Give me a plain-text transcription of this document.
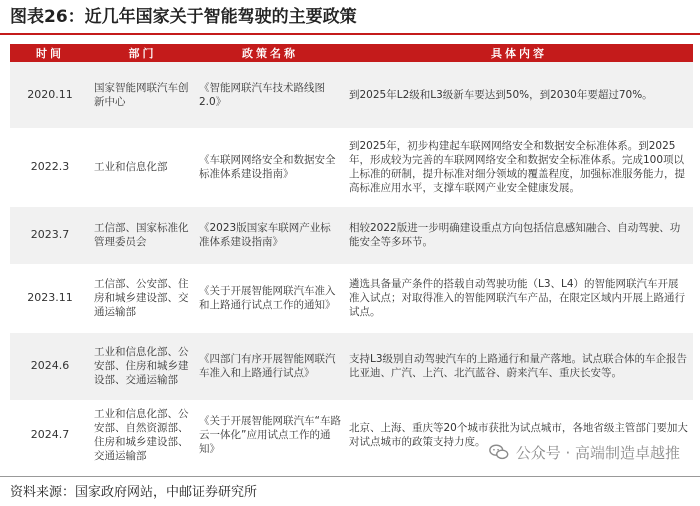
图表26：近几年国家关于智能驾驶的主要政策
时间	部门	政策名称	具体内容
2020.11	国家智能网联汽车创新中心	《智能网联汽车技术路线图2.0》	到2025年L2级和L3级新车要达到50%，到2030年要超过70%。
2022.3	工业和信息化部	《车联网网络安全和数据安全标准体系建设指南》	到2025年，初步构建起车联网网络安全和数据安全标准体系。到2025年，形成较为完善的车联网网络安全和数据安全标准体系。完成100项以上标准的研制，提升标准对细分领域的覆盖程度，加强标准服务能力，提高标准应用水平，支撑车联网产业安全健康发展。
2023.7	工信部、国家标准化管理委员会	《2023版国家车联网产业标准体系建设指南》	相较2022版进一步明确建设重点方向包括信息感知融合、自动驾驶、功能安全等多环节。
2023.11	工信部、公安部、住房和城乡建设部、交通运输部	《关于开展智能网联汽车准入和上路通行试点工作的通知》	遴选具备量产条件的搭载自动驾驶功能（L3、L4）的智能网联汽车开展准入试点；对取得准入的智能网联汽车产品，在限定区域内开展上路通行试点。
2024.6	工业和信息化部、公安部、住房和城乡建设部、交通运输部	《四部门有序开展智能网联汽车准入和上路通行试点》	支持L3级别自动驾驶汽车的上路通行和量产落地。试点联合体的车企报告比亚迪、广汽、上汽、北汽蓝谷、蔚来汽车、重庆长安等。
2024.7	工业和信息化部、公安部、自然资源部、住房和城乡建设部、交通运输部	《关于开展智能网联汽车“车路云一体化”应用试点工作的通知》	北京、上海、重庆等20个城市获批为试点城市，各地省级主管部门要加大对试点城市的政策支持力度。
公众号 · 高端制造卓越推
资料来源：国家政府网站，中邮证券研究所
